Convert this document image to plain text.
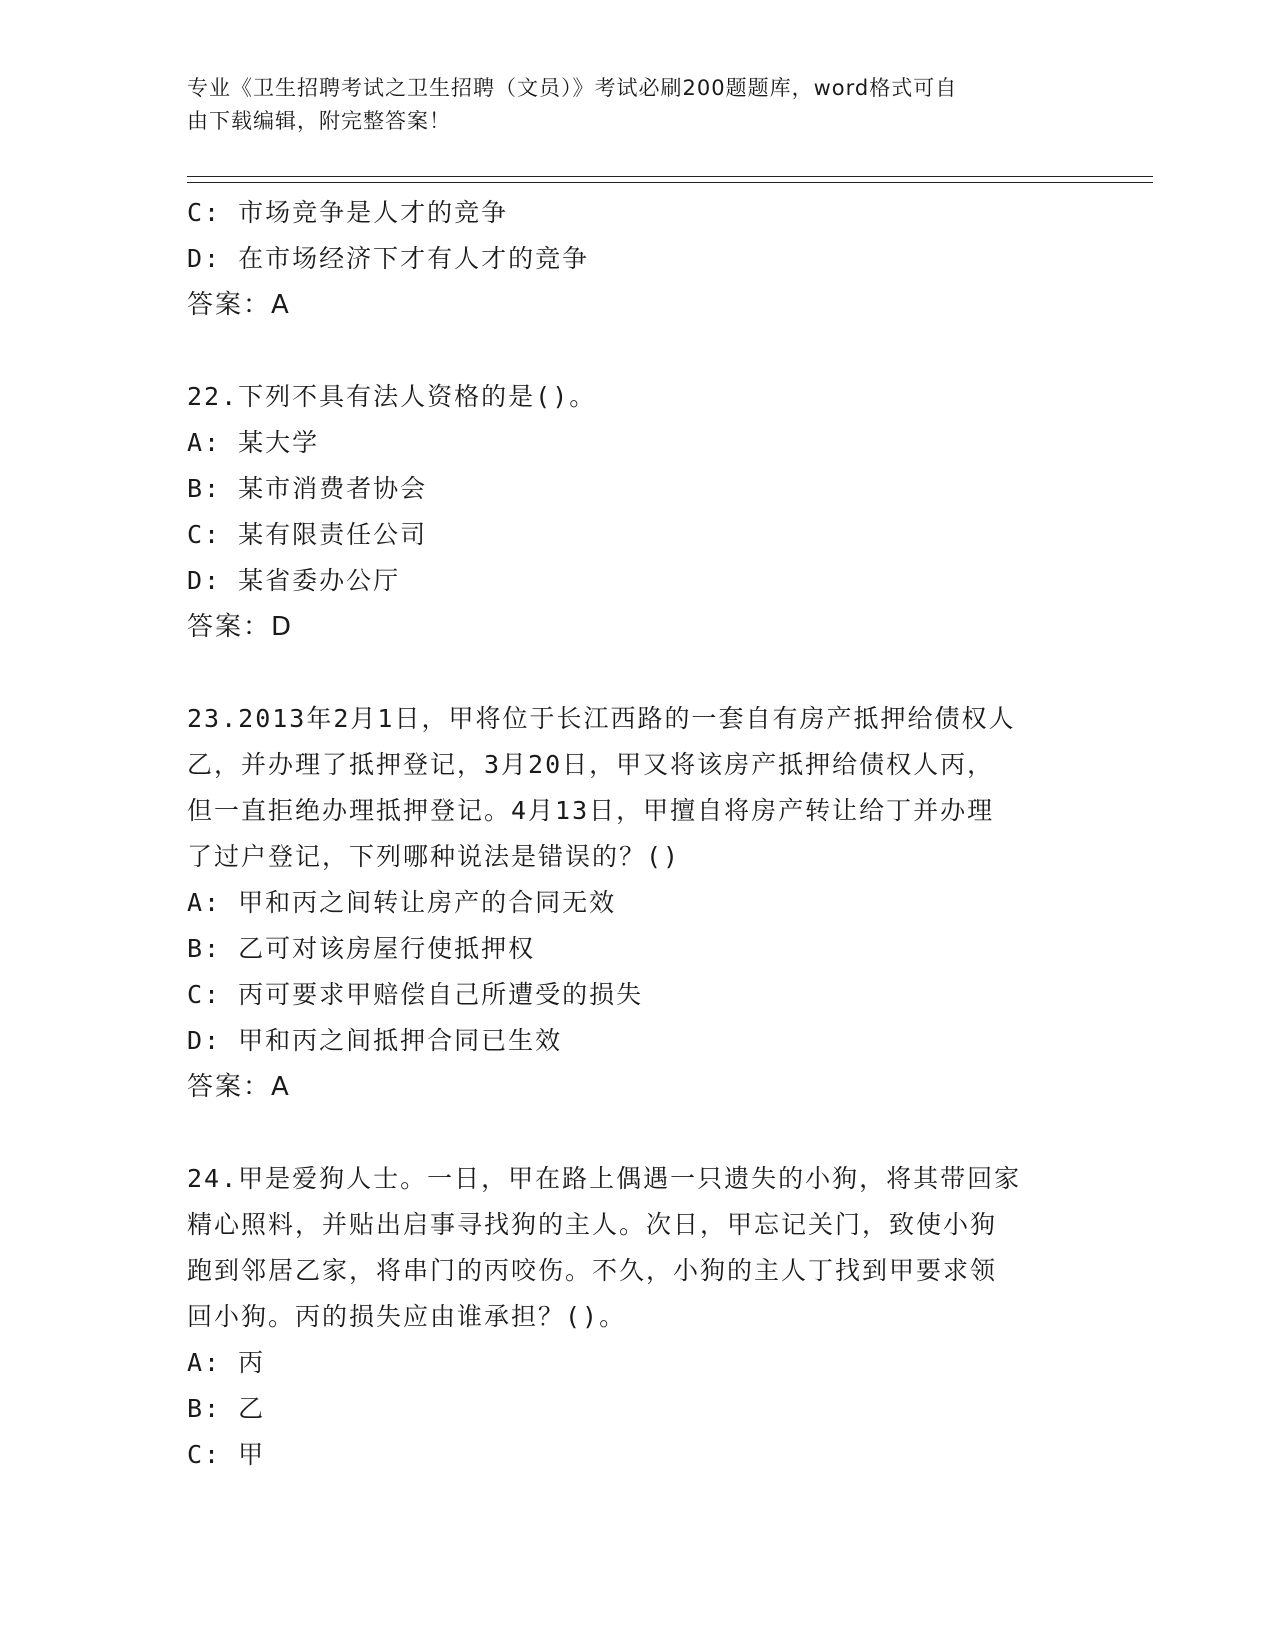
专业《卫生招聘考试之卫生招聘（文员）》考试必刷200题题库，word格式可自
由下载编辑，附完整答案！
C: 市场竞争是人才的竞争
D: 在市场经济下才有人才的竞争
答案：A
22.下列不具有法人资格的是()。
A: 某大学
B: 某市消费者协会
C: 某有限责任公司
D: 某省委办公厅
答案：D
23.2013年2月1日，甲将位于长江西路的一套自有房产抵押给债权人
乙，并办理了抵押登记，3月20日，甲又将该房产抵押给债权人丙，
但一直拒绝办理抵押登记。4月13日，甲擅自将房产转让给丁并办理
了过户登记，下列哪种说法是错误的？()
A: 甲和丙之间转让房产的合同无效
B: 乙可对该房屋行使抵押权
C: 丙可要求甲赔偿自己所遭受的损失
D: 甲和丙之间抵押合同已生效
答案：A
24.甲是爱狗人士。一日，甲在路上偶遇一只遗失的小狗，将其带回家
精心照料，并贴出启事寻找狗的主人。次日，甲忘记关门，致使小狗
跑到邻居乙家，将串门的丙咬伤。不久，小狗的主人丁找到甲要求领
回小狗。丙的损失应由谁承担？()。
A: 丙
B: 乙
C: 甲
